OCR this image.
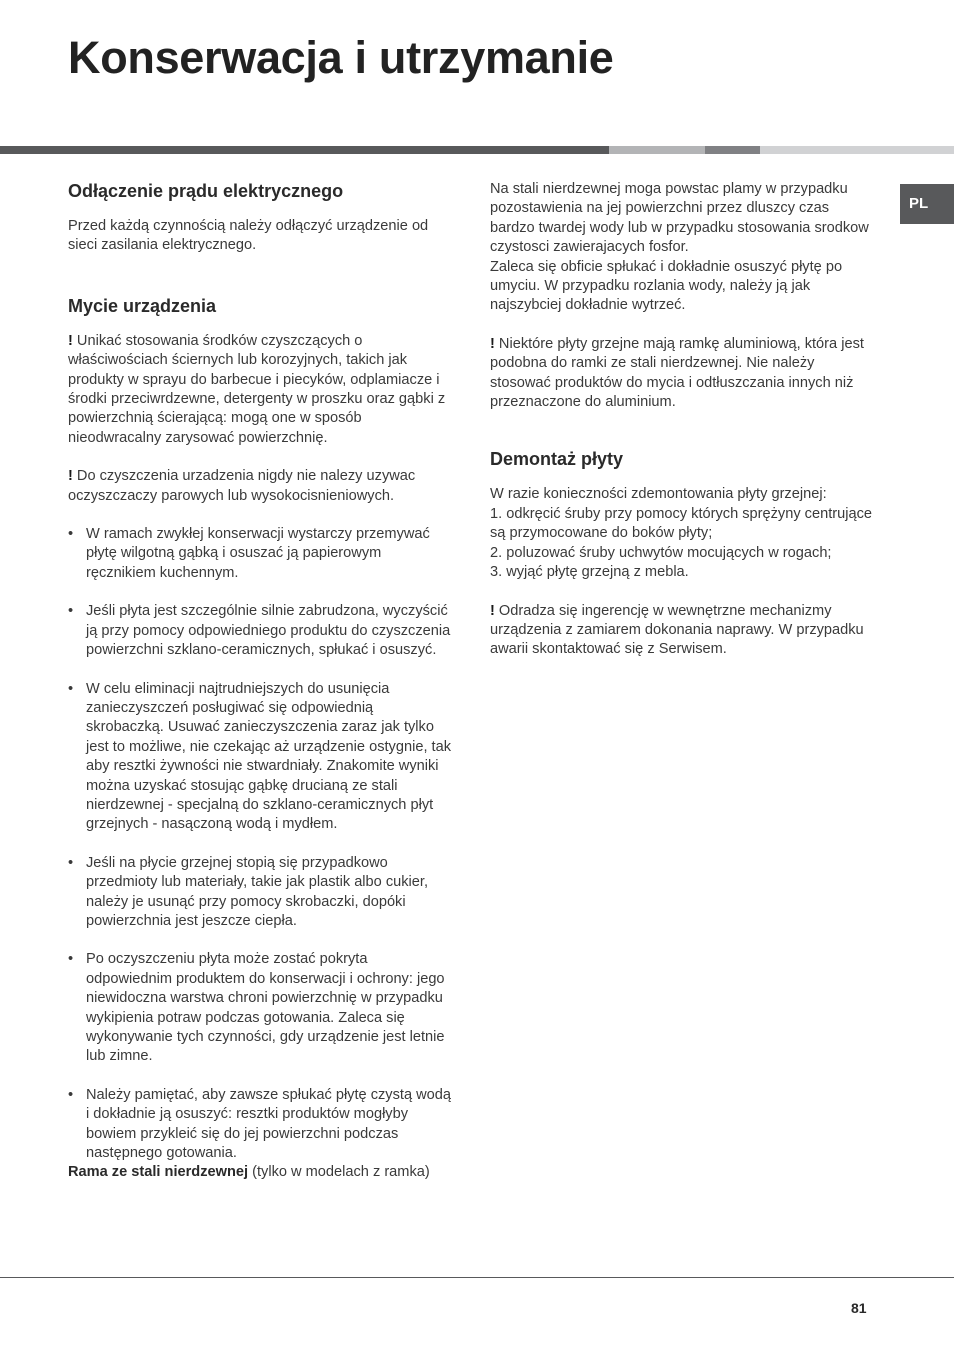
Konserwacja i utrzymanie
PL
Odłączenie prądu elektrycznego

Przed każdą czynnością należy odłączyć urządzenie od sieci zasilania elektrycznego.

Mycie urządzenia

! Unikać stosowania środków czyszczących o właściwościach ściernych lub korozyjnych, takich jak produkty w sprayu do barbecue i piecyków, odplamiacze i środki przeciwrdzewne, detergenty w proszku oraz gąbki z powierzchnią ścierającą: mogą one w sposób nieodwracalny zarysować powierzchnię.

! Do czyszczenia urzadzenia nigdy nie nalezy uzywac oczyszczaczy parowych lub wysokocisnieniowych.

• W ramach zwykłej konserwacji wystarczy przemywać płytę wilgotną gąbką i osuszać ją papierowym ręcznikiem kuchennym.
• Jeśli płyta jest szczególnie silnie zabrudzona, wyczyścić ją przy pomocy odpowiedniego produktu do czyszczenia powierzchni szklano-ceramicznych, spłukać i osuszyć.
• W celu eliminacji najtrudniejszych do usunięcia zanieczyszczeń posługiwać się odpowiednią skrobaczką. Usuwać zanieczyszczenia zaraz jak tylko jest to możliwe, nie czekając aż urządzenie ostygnie, tak aby resztki żywności nie stwardniały. Znakomite wyniki można uzyskać stosując gąbkę drucianą ze stali nierdzewnej - specjalną do szklano-ceramicznych płyt grzejnych - nasączoną wodą i mydłem.
• Jeśli na płycie grzejnej stopią się przypadkowo przedmioty lub materiały, takie jak plastik albo cukier, należy je usunąć przy pomocy skrobaczki, dopóki powierzchnia jest jeszcze ciepła.
• Po oczyszczeniu płyta może zostać pokryta odpowiednim produktem do konserwacji i ochrony: jego niewidoczna warstwa chroni powierzchnię w przypadku wykipienia potraw podczas gotowania. Zaleca się wykonywanie tych czynności, gdy urządzenie jest letnie lub zimne.
• Należy pamiętać, aby zawsze spłukać płytę czystą wodą i dokładnie ją osuszyć: resztki produktów mogłyby bowiem przykleić się do jej powierzchni podczas następnego gotowania.

Rama ze stali nierdzewnej (tylko w modelach z ramka)

Na stali nierdzewnej moga powstac plamy w przypadku pozostawienia na jej powierzchni przez dluszcy czas bardzo twardej wody lub w przypadku stosowania srodkow czystosci zawierajacych fosfor.

Zaleca się obficie spłukać i dokładnie osuszyć płytę po umyciu. W przypadku rozlania wody, należy ją jak najszybciej dokładnie wytrzeć.

! Niektóre płyty grzejne mają ramkę aluminiową, która jest podobna do ramki ze stali nierdzewnej. Nie należy stosować produktów do mycia i odtłuszczania innych niż przeznaczone do aluminium.

Demontaż płyty

W razie konieczności zdemontowania płyty grzejnej:

1. odkręcić śruby przy pomocy których sprężyny centrujące są przymocowane do boków płyty;

2. poluzować śruby uchwytów mocujących w rogach;

3. wyjąć płytę grzejną z mebla.

! Odradza się ingerencję w wewnętrzne mechanizmy urządzenia z zamiarem dokonania naprawy. W przypadku awarii skontaktować się z Serwisem.

81
